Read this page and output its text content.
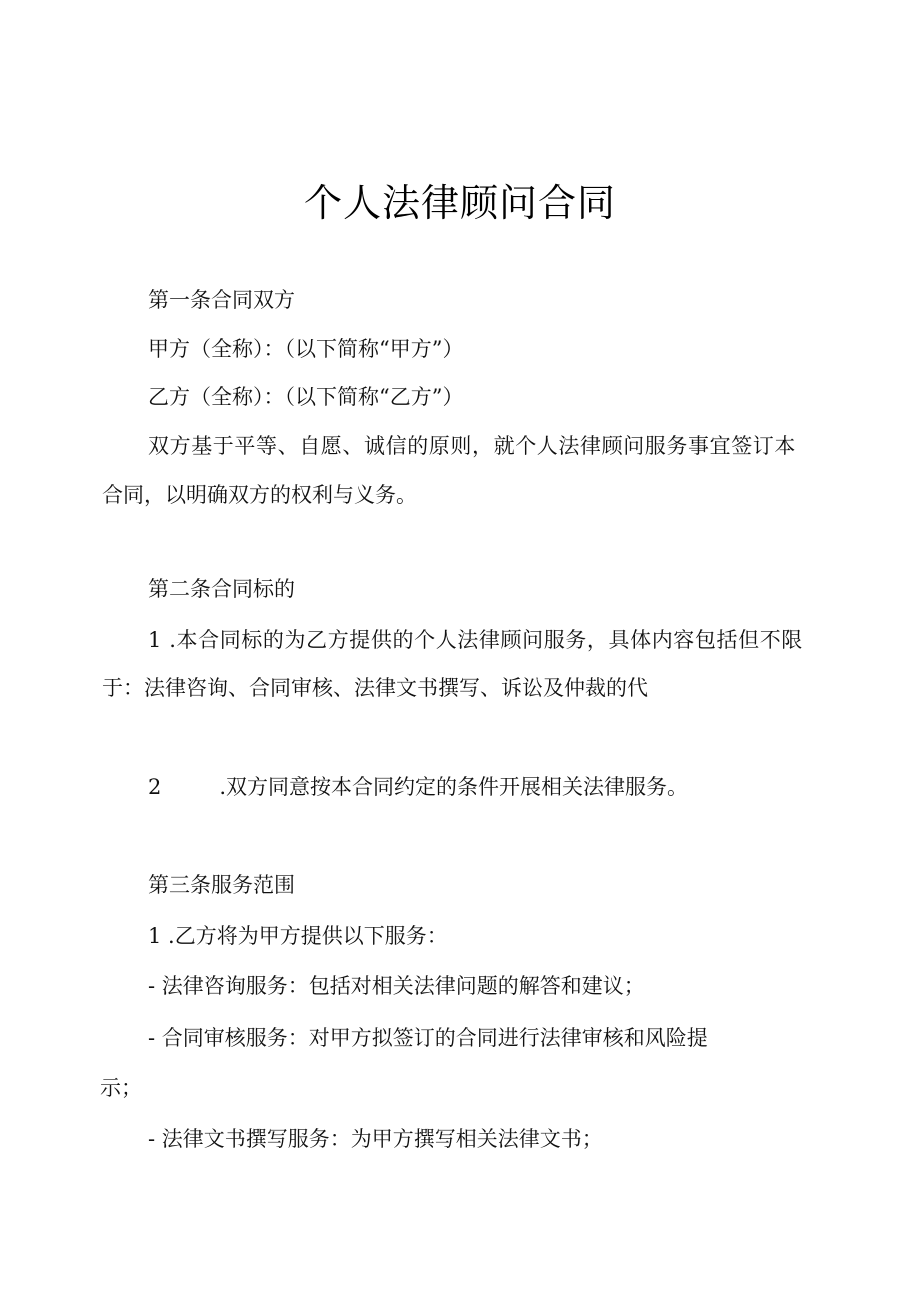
个人法律顾问合同
第一条合同双方
甲方（全称）：（以下简称“甲方”）
乙方（全称）：（以下简称“乙方”）
双方基于平等、自愿、诚信的原则，就个人法律顾问服务事宜签订本
合同，以明确双方的权利与义务。
第二条合同标的
1 .本合同标的为乙方提供的个人法律顾问服务，具体内容包括但不限
于：法律咨询、合同审核、法律文书撰写、诉讼及仲裁的代
2	.双方同意按本合同约定的条件开展相关法律服务。
第三条服务范围
1 .乙方将为甲方提供以下服务：
- 法律咨询服务：包括对相关法律问题的解答和建议；
- 合同审核服务：对甲方拟签订的合同进行法律审核和风险提
示；
- 法律文书撰写服务：为甲方撰写相关法律文书；
